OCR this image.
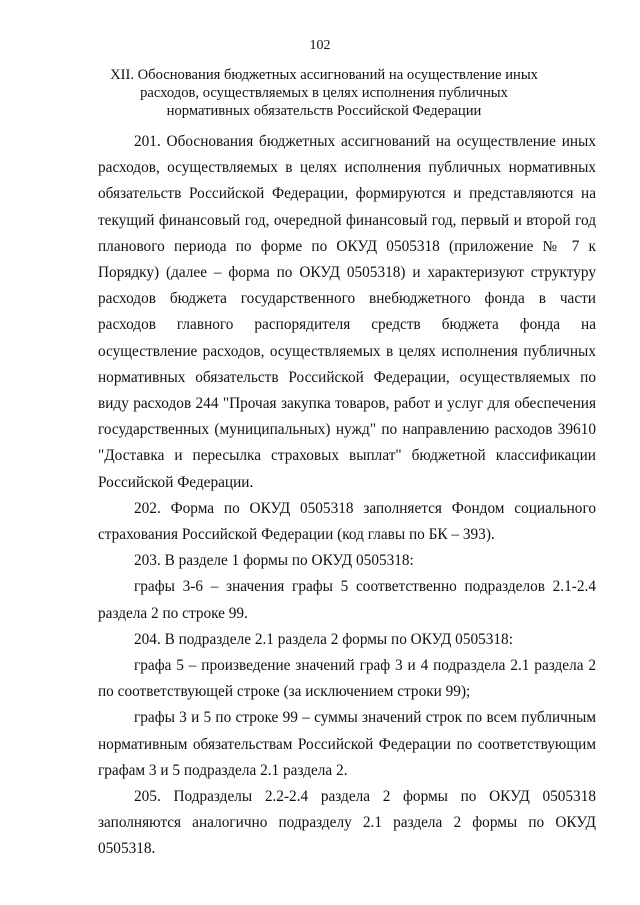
102
XII. Обоснования бюджетных ассигнований на осуществление иных расходов, осуществляемых в целях исполнения публичных нормативных обязательств Российской Федерации

201. Обоснования бюджетных ассигнований на осуществление иных расходов, осуществляемых в целях исполнения публичных нормативных обязательств Российской Федерации, формируются и представляются на текущий финансовый год, очередной финансовый год, первый и второй год планового периода по форме по ОКУД 0505318 (приложение № 7 к Порядку) (далее – форма по ОКУД 0505318) и характеризуют структуру расходов бюджета государственного внебюджетного фонда в части расходов главного распорядителя средств бюджета фонда на осуществление расходов, осуществляемых в целях исполнения публичных нормативных обязательств Российской Федерации, осуществляемых по виду расходов 244 "Прочая закупка товаров, работ и услуг для обеспечения государственных (муниципальных) нужд" по направлению расходов 39610 "Доставка и пересылка страховых выплат" бюджетной классификации Российской Федерации.

202. Форма по ОКУД 0505318 заполняется Фондом социального страхования Российской Федерации (код главы по БК – 393).

203. В разделе 1 формы по ОКУД 0505318:

графы 3-6 – значения графы 5 соответственно подразделов 2.1-2.4 раздела 2 по строке 99.

204. В подразделе 2.1 раздела 2 формы по ОКУД 0505318:

графа 5 – произведение значений граф 3 и 4 подраздела 2.1 раздела 2 по соответствующей строке (за исключением строки 99);

графы 3 и 5 по строке 99 – суммы значений строк по всем публичным нормативным обязательствам Российской Федерации по соответствующим графам 3 и 5 подраздела 2.1 раздела 2.

205. Подразделы 2.2-2.4 раздела 2 формы по ОКУД 0505318 заполняются аналогично подразделу 2.1 раздела 2 формы по ОКУД 0505318.
